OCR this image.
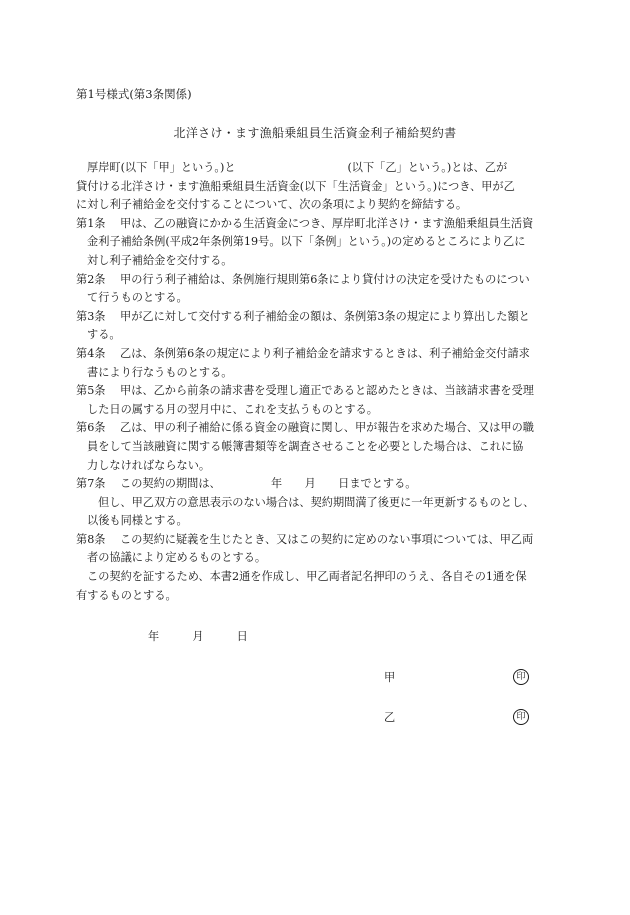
第1号様式(第3条関係)
北洋さけ・ます漁船乗組員生活資金利子補給契約書
厚岸町(以下「甲」という。)と　　　　　　　　　　(以下「乙」という。)とは、乙が
貸付ける北洋さけ・ます漁船乗組員生活資金(以下「生活資金」という。)につき、甲が乙
に対し利子補給金を交付することについて、次の条項により契約を締結する。
第1条	甲は、乙の融資にかかる生活資金につき、厚岸町北洋さけ・ます漁船乗組員生活資
金利子補給条例(平成2年条例第19号。以下「条例」という。)の定めるところにより乙に
対し利子補給金を交付する。
第2条	甲の行う利子補給は、条例施行規則第6条により貸付けの決定を受けたものについ
て行うものとする。
第3条	甲が乙に対して交付する利子補給金の額は、条例第3条の規定により算出した額と
する。
第4条	乙は、条例第6条の規定により利子補給金を請求するときは、利子補給金交付請求
書により行なうものとする。
第5条	甲は、乙から前条の請求書を受理し適正であると認めたときは、当該請求書を受理
した日の属する月の翌月中に、これを支払うものとする。
第6条	乙は、甲の利子補給に係る資金の融資に関し、甲が報告を求めた場合、又は甲の職
員をして当該融資に関する帳簿書類等を調査させることを必要とした場合は、これに協
力しなければならない。
第7条	この契約の期間は、　　　　　年　　月　　日までとする。
但し、甲乙双方の意思表示のない場合は、契約期間満了後更に一年更新するものとし、
以後も同様とする。
第8条	この契約に疑義を生じたとき、又はこの契約に定めのない事項については、甲乙両
者の協議により定めるものとする。
この契約を証するため、本書2通を作成し、甲乙両者記名押印のうえ、各自その1通を保
有するものとする。
年	月	日
甲	印
乙	印
